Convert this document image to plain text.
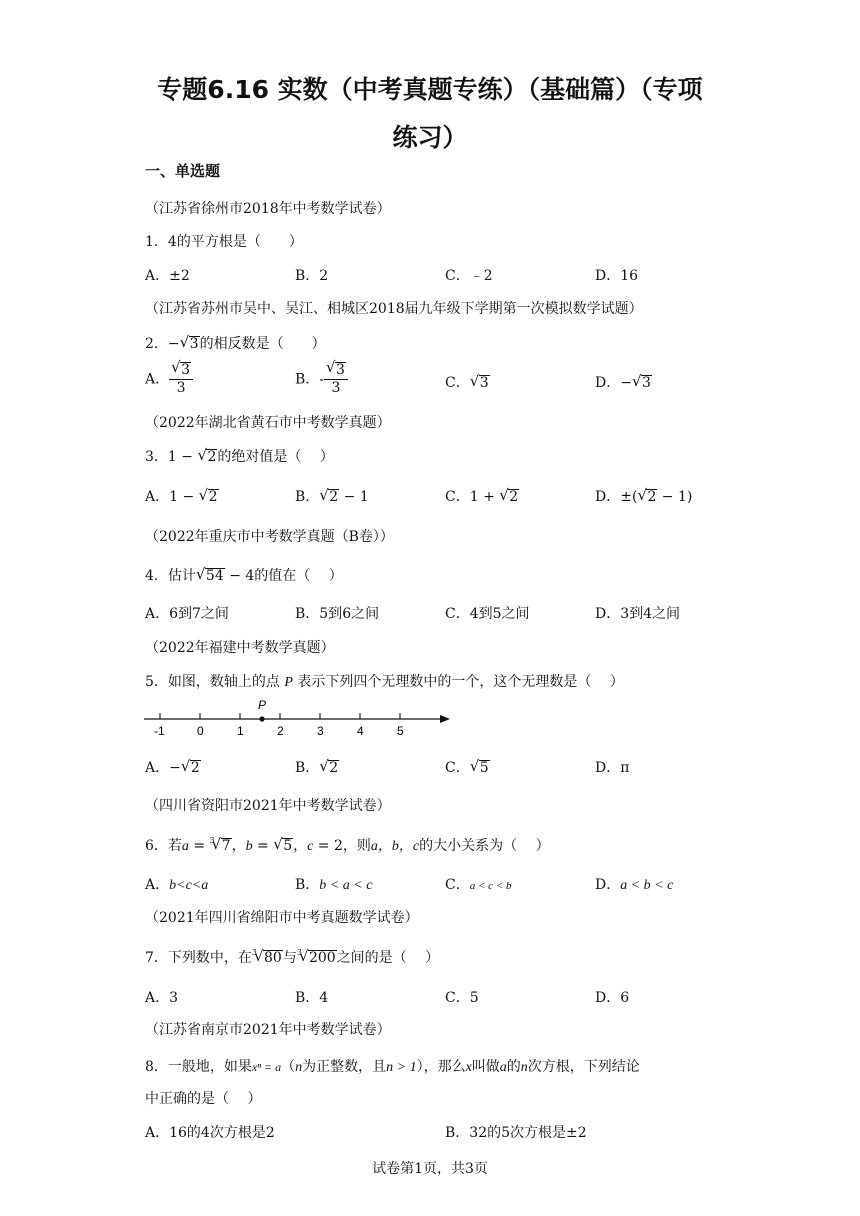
专题6.16 实数（中考真题专练）（基础篇）（专项
练习）
一、单选题
（江苏省徐州市2018年中考数学试卷）
1．4的平方根是（　　）
A．±2	B．2	C．﹣2	D．16
（江苏省苏州市吴中、吴江、相城区2018届九年级下学期第一次模拟数学试题）
2．− √ 3的相反数是（　　）
A． √ $\frac{3}{3}$	B．- √ $\frac{3}{3}$	C． √ 3	D．− √ 3
（2022年湖北省黄石市中考数学真题）
3．1 − √ 2的绝对值是（　 ）
A．1 − √ 2	B． √ 2 − 1	C．1 + √ 2	D．±( √ 2 − 1)
（2022年重庆市中考数学真题（B卷））
4．估计 √ 54 − 4的值在（　 ）
A．6到7之间	B．5到6之间	C．4到5之间	D．3到4之间
（2022年福建中考数学真题）
5．如图，数轴上的点 P 表示下列四个无理数中的一个，这个无理数是（　 ）
-1	0	1	2	3	4	5
P
A．− √ 2	B． √ 2	C． √ 5	D．π
（四川省资阳市2021年中考数学试卷）
6．若a = $^3$ √ 7，b = √ 5，c = 2，则a，b，c的大小关系为（　 ）
A．b<c<a	B．b < a < c	C．a < c < b	D．a < b < c
（2021年四川省绵阳市中考真题数学试卷）
7．下列数中，在$^3$ √ 80与$^3$ √ 200之间的是（　 ）
A．3	B．4	C．5	D．6
（江苏省南京市2021年中考数学试卷）
8．一般地，如果xⁿ = a（n为正整数，且n > 1），那么x叫做a的n次方根，下列结论
中正确的是（　 ）
A．16的4次方根是2	B．32的5次方根是±2
试卷第1页，共3页
